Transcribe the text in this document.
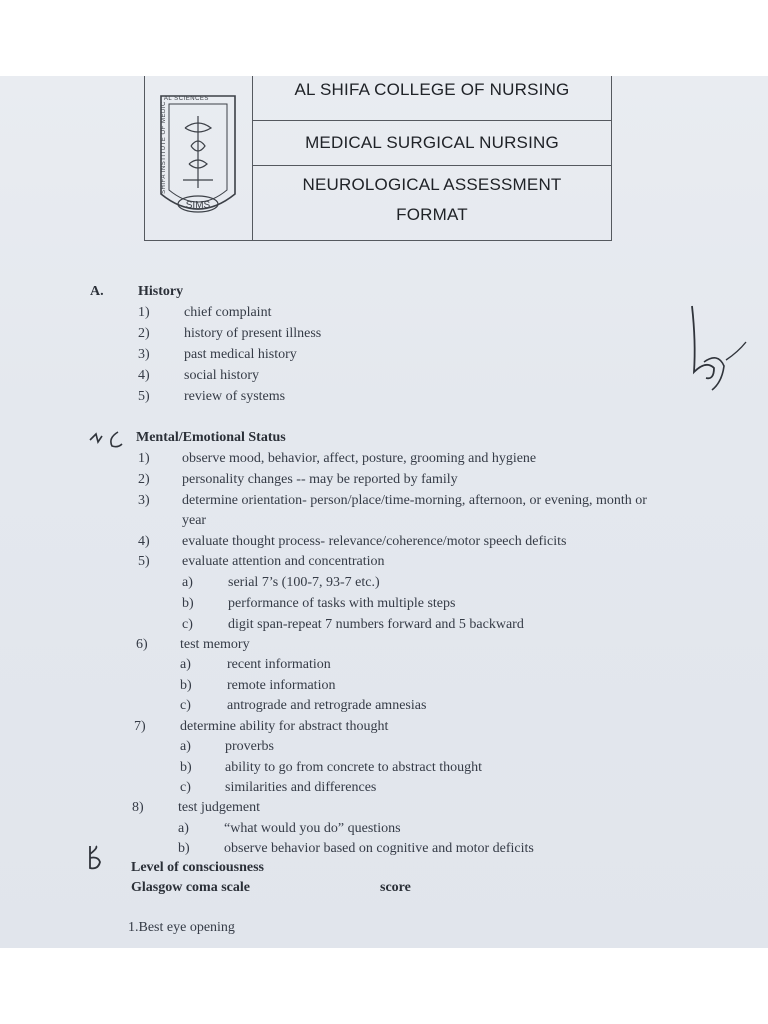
SIMS
SHIFA INSTITUTE OF MEDICAL SCIENCES	AL SHIFA COLLEGE OF NURSING
MEDICAL SURGICAL NURSING
NEUROLOGICAL ASSESSMENT
FORMAT
A. History
1) chief complaint
2) history of present illness
3) past medical history
4) social history
5) review of systems
Mental/Emotional Status
1) observe mood, behavior, affect, posture, grooming and hygiene
2) personality changes -- may be reported by family
3) determine orientation- person/place/time-morning, afternoon, or evening, month or
year
4) evaluate thought process- relevance/coherence/motor speech deficits
5) evaluate attention and concentration
a)	serial 7’s (100-7, 93-7 etc.)
b) performance of tasks with multiple steps
c)	digit span-repeat 7 numbers forward and 5 backward
6) test memory
a)	recent information
b)	remote information
c)	antrograde and retrograde amnesias
7) determine ability for abstract thought
a) proverbs
b) ability to go from concrete to abstract thought
c) similarities and differences
8) test judgement
a)	“what would you do” questions
b) observe behavior based on cognitive and motor deficits
Level of consciousness
Glasgow coma scale	score
1.Best eye opening
